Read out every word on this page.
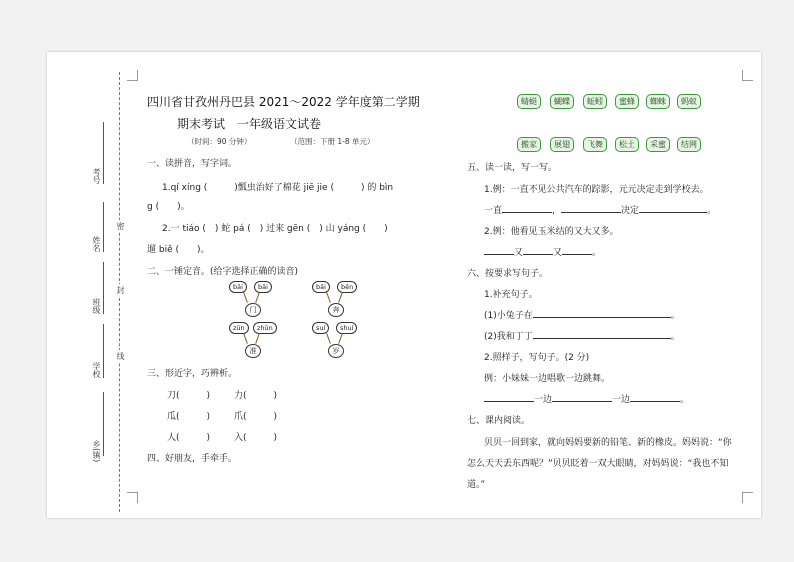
密
封
线
考号
姓名
班级
学校
乡(镇)
四川省甘孜州丹巴县 2021～2022 学年度第二学期
期末考试　一年级语文试卷
（时间：90 分钟）	（范围：下册 1-8 单元）
一、读拼音，写字词。
1.qí xíng (　　　)瓢虫治好了棉花 jiē jie (　　　) 的 bìn
g (　　)。
2.一 tiáo (　) 蛇 pá (　) 过来 gēn (　) 山 yáng (　　)
遛 biě (　　)。
二、一锤定音。(给字选择正确的读音)
bāi	bāi
门
bāi	bēn
奔
zūn	zhūn
准
suí	shuí
岁
三、形近字，巧辨析。
刀(　　　)	力(　　　)
瓜(　　　)	爪(　　　)
人(　　　)	入(　　　)
四、好朋友，手牵手。
蜻蜓	蝴蝶	蚯蚓	蜜蜂	蜘蛛	蚂蚁
搬家	展翅	飞舞	松土	采蜜	结网
五、读一读，写一写。
1.例：一直不见公共汽车的踪影，元元决定走到学校去。
一直	，	决定	。
2.例：他看见玉米结的又大又多。
又	又	。
六、按要求写句子。
1.补充句子。
(1)小兔子在	。
(2)我和丁丁	。
2.照样子，写句子。(2 分)
例：小妹妹一边唱歌一边跳舞。
一边	一边	。
七、课内阅读。
贝贝一回到家，就向妈妈要新的铅笔、新的橡皮。妈妈说：“你
怎么天天丢东西呢？”贝贝眨着一双大眼睛，对妈妈说：“我也不知
道。”
